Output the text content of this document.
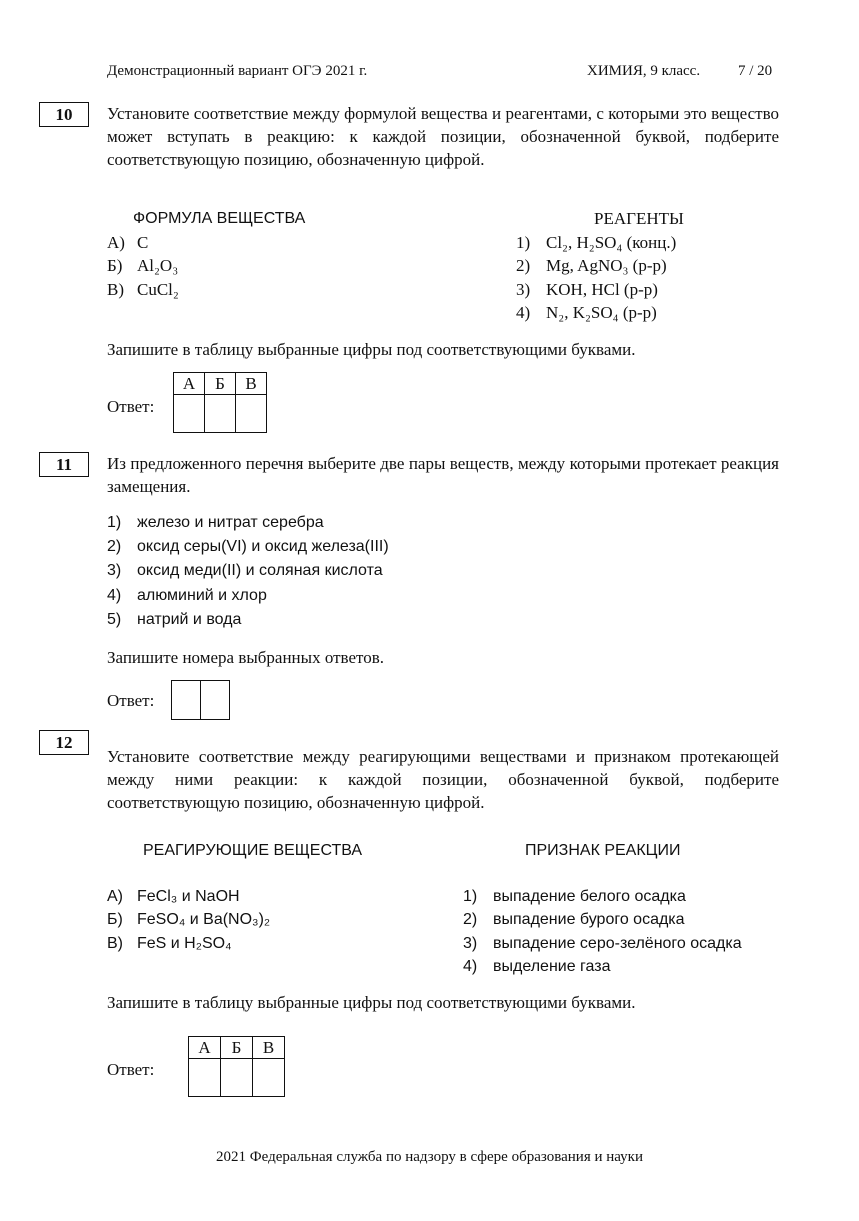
Демонстрационный вариант ОГЭ 2021 г.	ХИМИЯ, 9 класс.	7 / 20
10	Установите соответствие между формулой вещества и реагентами, с которыми это вещество может вступать в реакцию: к каждой позиции, обозначенной буквой, подберите соответствующую позицию, обозначенную цифрой.
ФОРМУЛА ВЕЩЕСТВА	РЕАГЕНТЫ
А) C
Б) Al₂O₃
В) CuCl₂
1) Cl₂, H₂SO₄ (конц.)
2) Mg, AgNO₃ (р-р)
3) KOH, HCl (р-р)
4) N₂, K₂SO₄ (р-р)
Запишите в таблицу выбранные цифры под соответствующими буквами.
Ответ:
А	Б	В

11	Из предложенного перечня выберите две пары веществ, между которыми протекает реакция замещения.
1) железо и нитрат серебра
2) оксид серы(VI) и оксид железа(III)
3) оксид меди(II) и соляная кислота
4) алюминий и хлор
5) натрий и вода
Запишите номера выбранных ответов.
Ответ:

12
Установите соответствие между реагирующими веществами и признаком протекающей между ними реакции: к каждой позиции, обозначенной буквой, подберите соответствующую позицию, обозначенную цифрой.
РЕАГИРУЮЩИЕ ВЕЩЕСТВА	ПРИЗНАК РЕАКЦИИ
А) FeCl₃ и NaOH
Б) FeSO₄ и Ba(NO₃)₂
В) FeS и H₂SO₄
1) выпадение белого осадка
2) выпадение бурого осадка
3) выпадение серо-зелёного осадка
4) выделение газа
Запишите в таблицу выбранные цифры под соответствующими буквами.
Ответ:
А	Б	В

2021 Федеральная служба по надзору в сфере образования и науки
